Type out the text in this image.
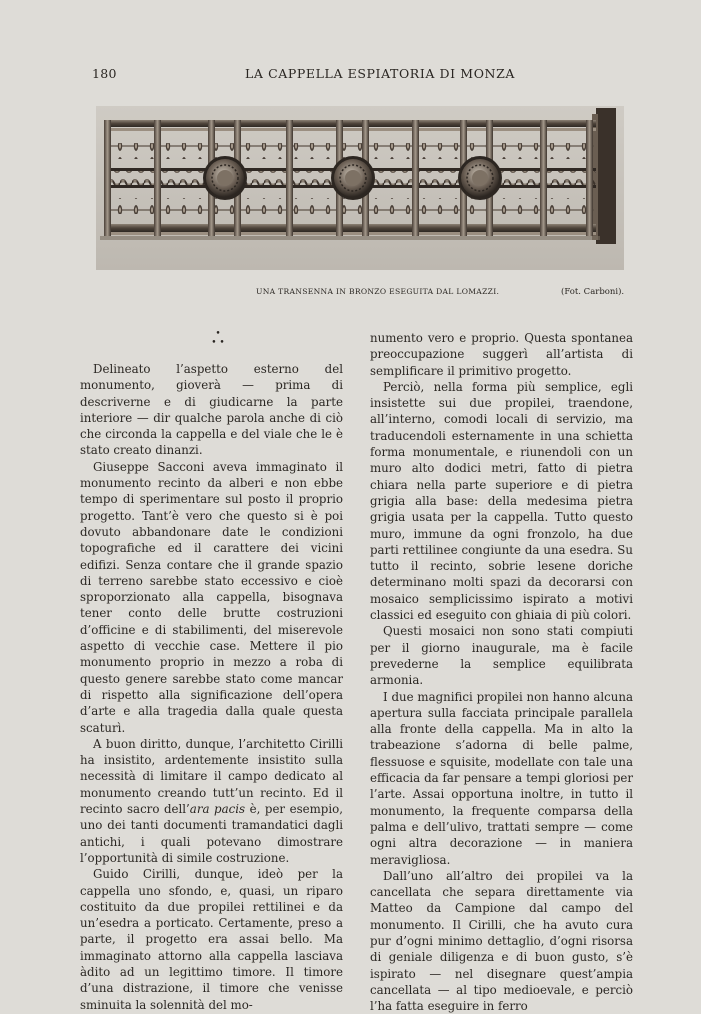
180	LA CAPPELLA ESPIATORIA DI MONZA
UNA TRANSENNA IN BRONZO ESEGUITA DAL LOMAZZI.	(Fot. Carboni).
•
• •

Delineato l’aspetto esterno del monumento, gioverà — prima di descriverne e di giudicarne la parte interiore — dir qualche parola anche di ciò che circonda la cappella e del viale che le è stato creato dinanzi.

Giuseppe Sacconi aveva immaginato il monumento recinto da alberi e non ebbe tempo di sperimentare sul posto il proprio progetto. Tant’è vero che questo si è poi dovuto abbandonare date le condizioni topografiche ed il carattere dei vicini edifizi. Senza contare che il grande spazio di terreno sarebbe stato eccessivo e cioè sproporzionato alla cappella, bisognava tener conto delle brutte costruzioni d’officine e di stabilimenti, del miserevole aspetto di vecchie case. Mettere il pio monumento proprio in mezzo a roba di questo genere sarebbe stato come mancar di rispetto alla significazione dell’opera d’arte e alla tragedia dalla quale questa scaturì.

A buon diritto, dunque, l’architetto Cirilli ha insistito, ardentemente insistito sulla necessità di limitare il campo dedicato al monumento creando tutt’un recinto. Ed il recinto sacro dell’ara pacis è, per esempio, uno dei tanti documenti tramandatici dagli antichi, i quali potevano dimostrare l’opportunità di simile costruzione.

Guido Cirilli, dunque, ideò per la cappella uno sfondo, e, quasi, un riparo costituito da due propilei rettilinei e da un’esedra a porticato. Certamente, preso a parte, il progetto era assai bello. Ma immaginato attorno alla cappella lasciava àdito ad un legittimo timore. Il timore d’una distrazione, il timore che venisse sminuita la solennità del mo-

numento vero e proprio. Questa spontanea preoccupazione suggerì all’artista di semplificare il primitivo progetto.

Perciò, nella forma più semplice, egli insistette sui due propilei, traendone, all’interno, comodi locali di servizio, ma traducendoli esternamente in una schietta forma monumentale, e riunendoli con un muro alto dodici metri, fatto di pietra chiara nella parte superiore e di pietra grigia alla base: della medesima pietra grigia usata per la cappella. Tutto questo muro, immune da ogni fronzolo, ha due parti rettilinee congiunte da una esedra. Su tutto il recinto, sobrie lesene doriche determinano molti spazi da decorarsi con mosaico semplicissimo ispirato a motivi classici ed eseguito con ghiaia di più colori.

Questi mosaici non sono stati compiuti per il giorno inaugurale, ma è facile prevederne la semplice equilibrata armonia.

I due magnifici propilei non hanno alcuna apertura sulla facciata principale parallela alla fronte della cappella. Ma in alto la trabeazione s’adorna di belle palme, flessuose e squisite, modellate con tale una efficacia da far pensare a tempi gloriosi per l’arte. Assai opportuna inoltre, in tutto il monumento, la frequente comparsa della palma e dell’ulivo, trattati sempre — come ogni altra decorazione — in maniera meravigliosa.

Dall’uno all’altro dei propilei va la cancellata che separa direttamente via Matteo da Campione dal campo del monumento. Il Cirilli, che ha avuto cura pur d’ogni minimo dettaglio, d’ogni risorsa di geniale diligenza e di buon gusto, s’è ispirato — nel disegnare quest’ampia cancellata — al tipo medioevale, e perciò l’ha fatta eseguire in ferro
